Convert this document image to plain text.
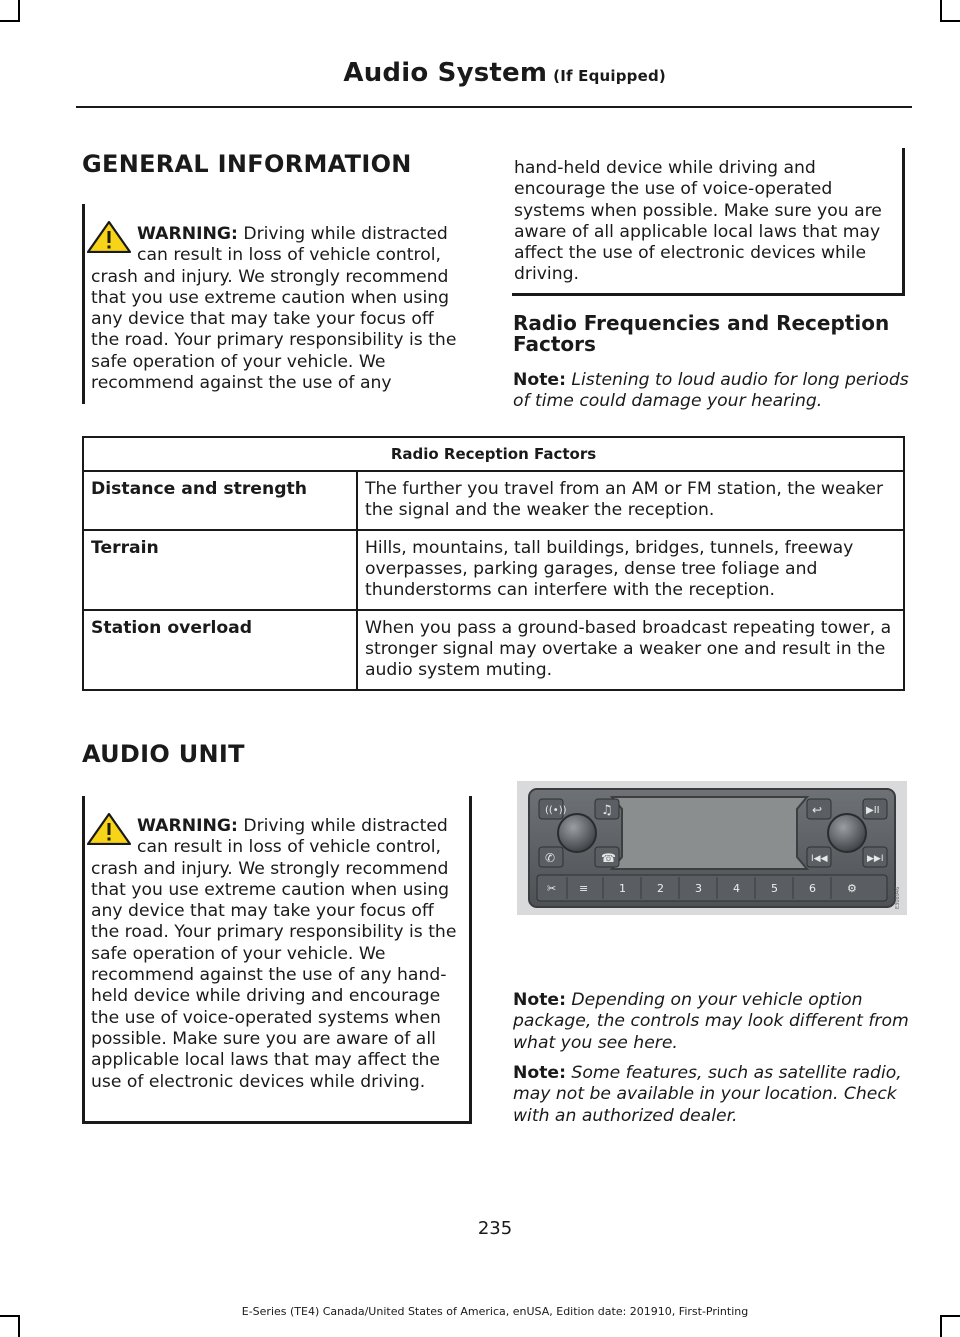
Audio System (If Equipped)
GENERAL INFORMATION

WARNING: Driving while distracted can result in loss of vehicle control, crash and injury. We strongly recommend that you use extreme caution when using any device that may take your focus off the road. Your primary responsibility is the safe operation of your vehicle. We recommend against the use of any

hand-held device while driving and encourage the use of voice-operated systems when possible. Make sure you are aware of all applicable local laws that may affect the use of electronic devices while driving.

Radio Frequencies and Reception Factors

Note: Listening to loud audio for long periods of time could damage your hearing.

Radio Reception Factors	
Distance and strength	The further you travel from an AM or FM station, the weaker the signal and the weaker the reception.
Terrain	Hills, mountains, tall buildings, bridges, tunnels, freeway overpasses, parking garages, dense tree foliage and thunderstorms can interfere with the reception.
Station overload	When you pass a ground-based broadcast repeating tower, a stronger signal may overtake a weaker one and result in the audio system muting.
AUDIO UNIT

WARNING: Driving while distracted can result in loss of vehicle control, crash and injury. We strongly recommend that you use extreme caution when using any device that may take your focus off the road. Your primary responsibility is the safe operation of your vehicle. We recommend against the use of any hand-held device while driving and encourage the use of voice-operated systems when possible. Make sure you are aware of all applicable local laws that may affect the use of electronic devices while driving.

((•))	♫
✆	☎
↩	▶II
I◀◀	▶▶I
✂ ≡	1	2	3	4	5	6	⚙	E308946

Note: Depending on your vehicle option package, the controls may look different from what you see here.

Note: Some features, such as satellite radio, may not be available in your location. Check with an authorized dealer.

235
E-Series (TE4) Canada/United States of America, enUSA, Edition date: 201910, First-Printing
